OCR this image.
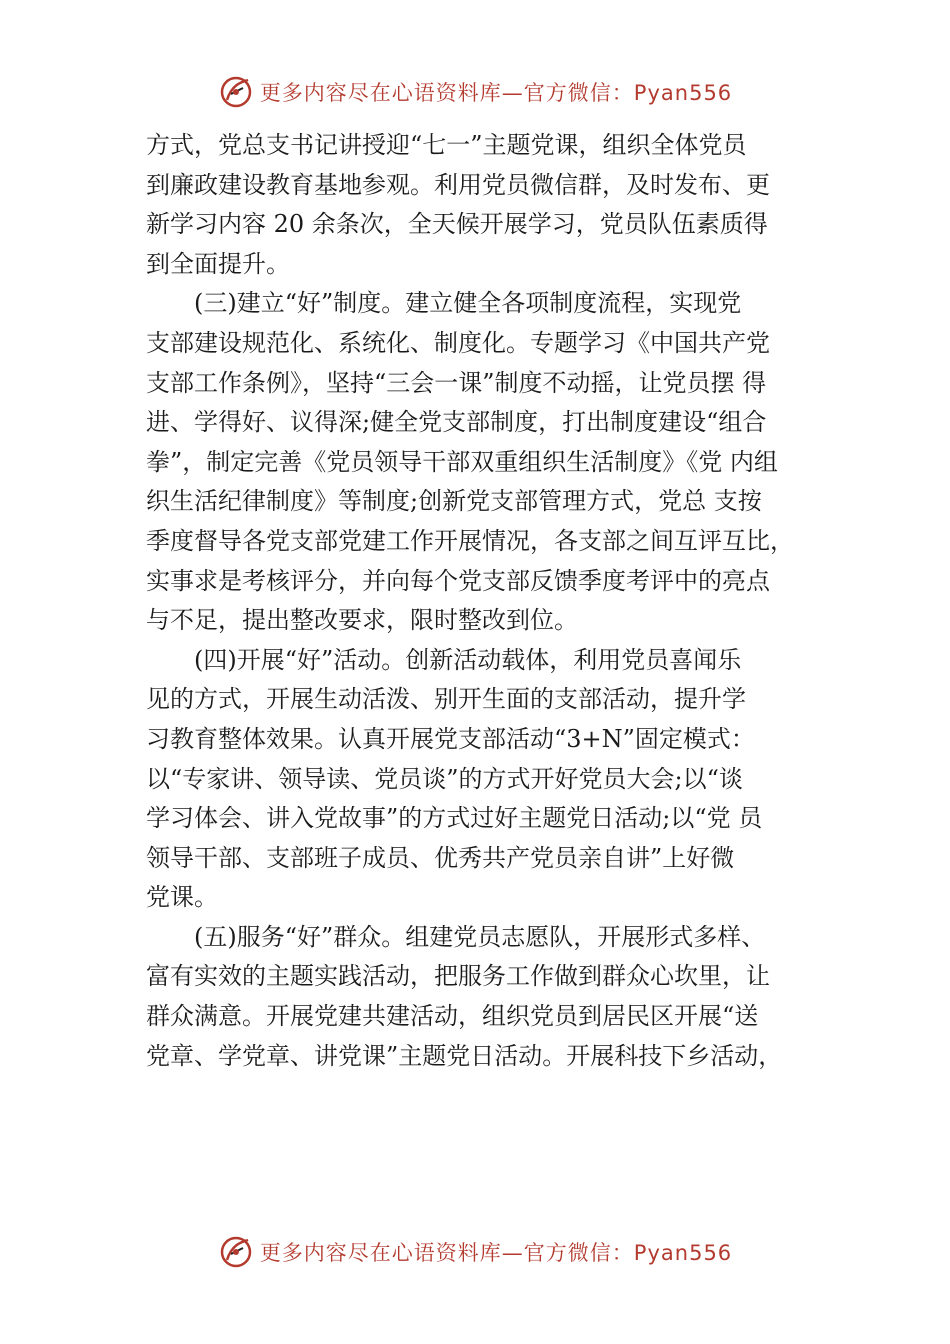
更多内容尽在心语资料库—官方微信：Pyan556
方式，党总支书记讲授迎“七一”主题党课，组织全体党员
到廉政建设教育基地参观。利用党员微信群，及时发布、更
新学习内容 20 余条次，全天候开展学习，党员队伍素质得
到全面提升。
(三)建立“好”制度。建立健全各项制度流程，实现党
支部建设规范化、系统化、制度化。专题学习《中国共产党
支部工作条例》，坚持“三会一课”制度不动摇，让党员摆 得
进、学得好、议得深;健全党支部制度，打出制度建设“组合
拳”，制定完善《党员领导干部双重组织生活制度》《党 内组
织生活纪律制度》等制度;创新党支部管理方式，党总 支按
季度督导各党支部党建工作开展情况，各支部之间互评互比，
实事求是考核评分，并向每个党支部反馈季度考评中的亮点
与不足，提出整改要求，限时整改到位。
(四)开展“好”活动。创新活动载体，利用党员喜闻乐
见的方式，开展生动活泼、别开生面的支部活动，提升学
习教育整体效果。认真开展党支部活动“3+N”固定模式：
以“专家讲、领导读、党员谈”的方式开好党员大会;以“谈
学习体会、讲入党故事”的方式过好主题党日活动;以“党 员
领导干部、支部班子成员、优秀共产党员亲自讲”上好微
党课。
(五)服务“好”群众。组建党员志愿队，开展形式多样、
富有实效的主题实践活动，把服务工作做到群众心坎里，让
群众满意。开展党建共建活动，组织党员到居民区开展“送
党章、学党章、讲党课”主题党日活动。开展科技下乡活动，
更多内容尽在心语资料库—官方微信：Pyan556
